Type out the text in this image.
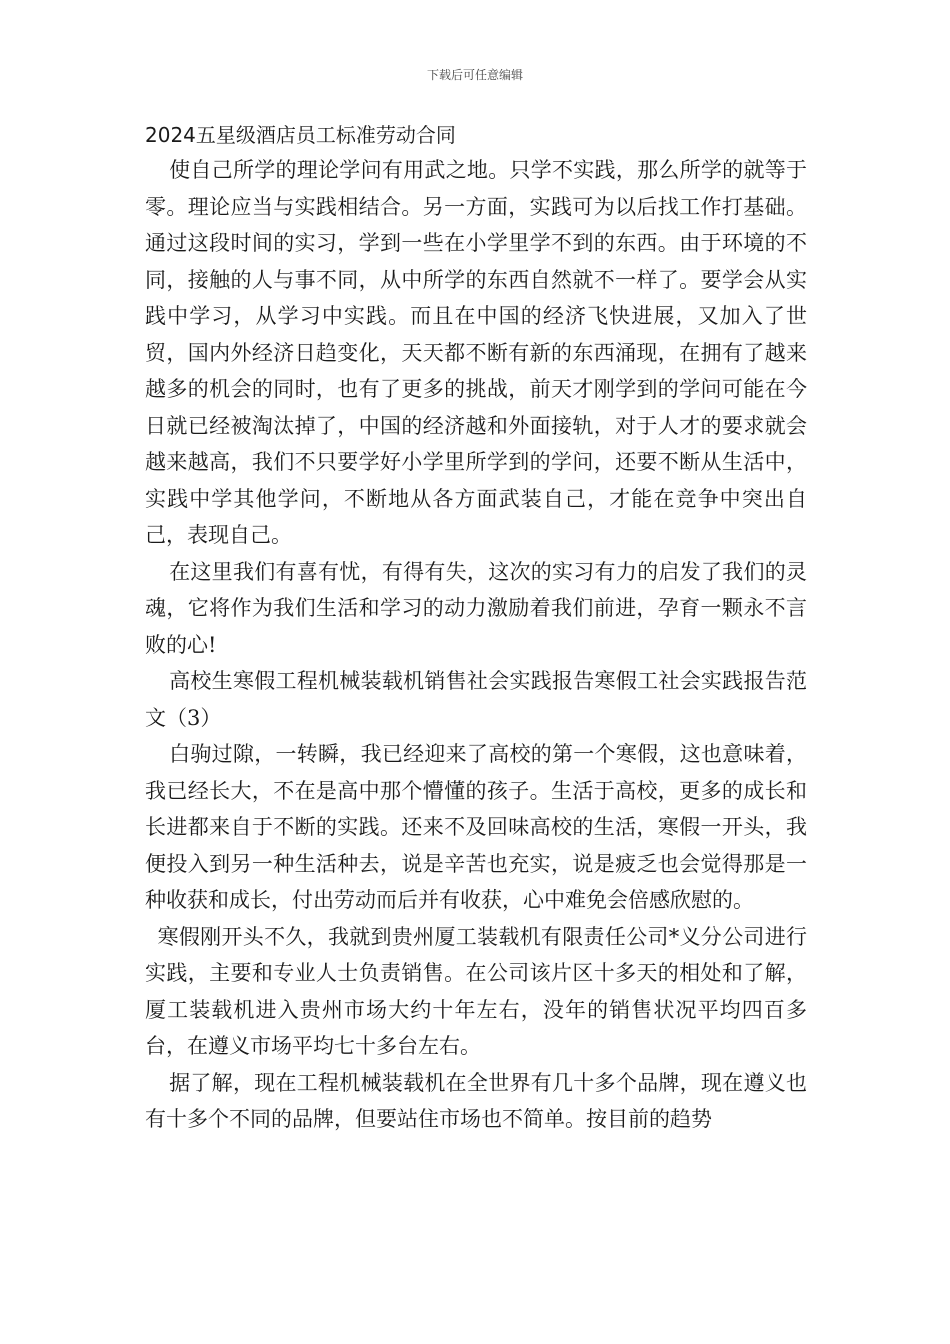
下载后可任意编辑
2024五星级酒店员工标准劳动合同

使自己所学的理论学问有用武之地。只学不实践，那么所学的就等于零。理论应当与实践相结合。另一方面，实践可为以后找工作打基础。通过这段时间的实习，学到一些在小学里学不到的东西。由于环境的不同，接触的人与事不同，从中所学的东西自然就不一样了。要学会从实践中学习，从学习中实践。而且在中国的经济飞快进展，又加入了世贸，国内外经济日趋变化，天天都不断有新的东西涌现，在拥有了越来越多的机会的同时，也有了更多的挑战，前天才刚学到的学问可能在今日就已经被淘汰掉了，中国的经济越和外面接轨，对于人才的要求就会越来越高，我们不只要学好小学里所学到的学问，还要不断从生活中，实践中学其他学问，不断地从各方面武装自己，才能在竞争中突出自己，表现自己。

在这里我们有喜有忧，有得有失，这次的实习有力的启发了我们的灵魂，它将作为我们生活和学习的动力激励着我们前进，孕育一颗永不言败的心!

高校生寒假工程机械装载机销售社会实践报告寒假工社会实践报告范文（3）

白驹过隙，一转瞬，我已经迎来了高校的第一个寒假，这也意味着，我已经长大，不在是高中那个懵懂的孩子。生活于高校，更多的成长和长进都来自于不断的实践。还来不及回味高校的生活，寒假一开头，我便投入到另一种生活种去，说是辛苦也充实，说是疲乏也会觉得那是一种收获和成长，付出劳动而后并有收获，心中难免会倍感欣慰的。

寒假刚开头不久，我就到贵州厦工装载机有限责任公司*义分公司进行实践，主要和专业人士负责销售。在公司该片区十多天的相处和了解，厦工装载机进入贵州市场大约十年左右，没年的销售状况平均四百多台，在遵义市场平均七十多台左右。

据了解，现在工程机械装载机在全世界有几十多个品牌，现在遵义也有十多个不同的品牌，但要站住市场也不简单。按目前的趋势
